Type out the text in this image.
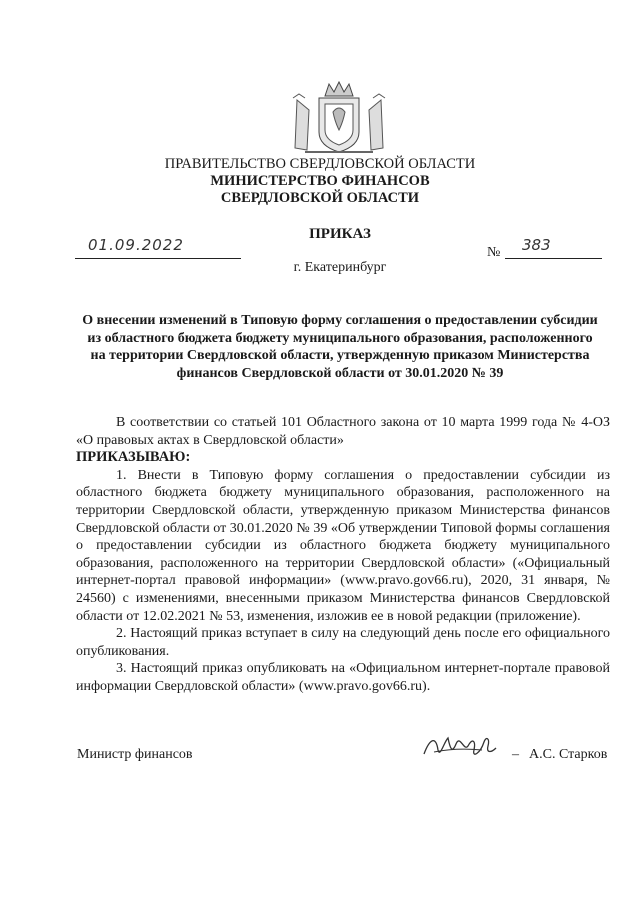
ПРАВИТЕЛЬСТВО СВЕРДЛОВСКОЙ ОБЛАСТИ
МИНИСТЕРСТВО ФИНАНСОВ
СВЕРДЛОВСКОЙ ОБЛАСТИ
ПРИКАЗ
01.09.2022	№ 383
г. Екатеринбург
О внесении изменений в Типовую форму соглашения о предоставлении субсидии из областного бюджета бюджету муниципального образования, расположенного на территории Свердловской области, утвержденную приказом Министерства финансов Свердловской области от 30.01.2020 № 39

В соответствии со статьей 101 Областного закона от 10 марта 1999 года № 4-ОЗ «О правовых актах в Свердловской области»

ПРИКАЗЫВАЮ:

1. Внести в Типовую форму соглашения о предоставлении субсидии из областного бюджета бюджету муниципального образования, расположенного на территории Свердловской области, утвержденную приказом Министерства финансов Свердловской области от 30.01.2020 № 39 «Об утверждении Типовой формы соглашения о предоставлении субсидии из областного бюджета бюджету муниципального образования, расположенного на территории Свердловской области» («Официальный интернет-портал правовой информации» (www.pravo.gov66.ru), 2020, 31 января, № 24560) с изменениями, внесенными приказом Министерства финансов Свердловской области от 12.02.2021 № 53, изменения, изложив ее в новой редакции (приложение).

2. Настоящий приказ вступает в силу на следующий день после его официального опубликования.

3. Настоящий приказ опубликовать на «Официальном интернет-портале правовой информации Свердловской области» (www.pravo.gov66.ru).

Министр финансов	– А.С. Старков
